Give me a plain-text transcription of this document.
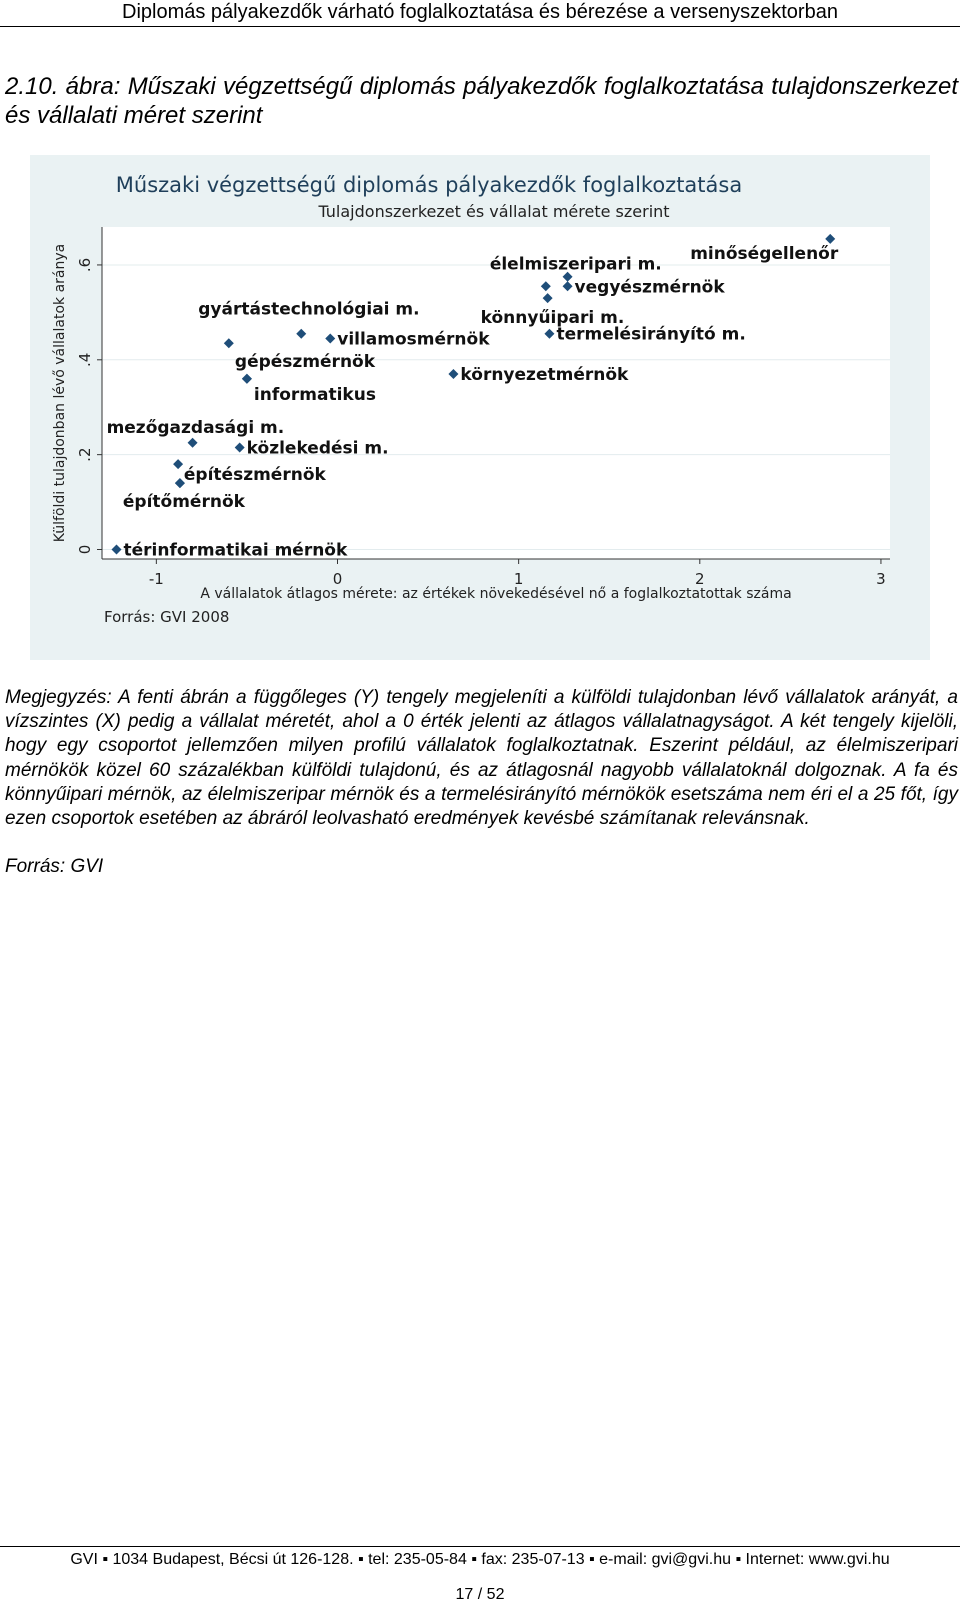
Diplomás pályakezdők várható foglalkoztatása és bérezése a versenyszektorban
2.10. ábra: Műszaki végzettségű diplomás pályakezdők foglalkoztatása tulajdonszerkezet és vállalati méret szerint
0
.2
.4
.6
-1	0	1	2	3
minőségellenőr
élelmiszeripari m.
vegyészmérnök
könnyűipari m.
termelésirányító m.
gyártástechnológiai m.
villamosmérnök
gépészmérnök
informatikus
környezetmérnök
mezőgazdasági m.
közlekedési m.
építészmérnök
építőmérnök
térinformatikai mérnök
Műszaki végzettségű diplomás pályakezdők foglalkoztatása
Tulajdonszerkezet és vállalat mérete szerint
A vállalatok átlagos mérete: az értékek növekedésével nő a foglalkoztatottak száma
Külföldi tulajdonban lévő vállalatok aránya
Forrás: GVI 2008
Megjegyzés: A fenti ábrán a függőleges (Y) tengely megjeleníti a külföldi tulajdonban lévő vállalatok arányát, a vízszintes (X) pedig a vállalat méretét, ahol a 0 érték jelenti az átlagos vállalatnagyságot. A két tengely kijelöli, hogy egy csoportot jellemzően milyen profilú vállalatok foglalkoztatnak. Eszerint például, az élelmiszeripari mérnökök közel 60 százalékban külföldi tulajdonú, és az átlagosnál nagyobb vállalatoknál dolgoznak. A fa és könnyűipari mérnök, az élelmiszeripar mérnök és a termelésirányító mérnökök esetszáma nem éri el a 25 főt, így ezen csoportok esetében az ábráról leolvasható eredmények kevésbé számítanak relevánsnak.
Forrás: GVI
GVI ▪ 1034 Budapest, Bécsi út 126-128. ▪ tel: 235-05-84 ▪ fax: 235-07-13 ▪ e-mail: gvi@gvi.hu ▪ Internet: www.gvi.hu
17 / 52
